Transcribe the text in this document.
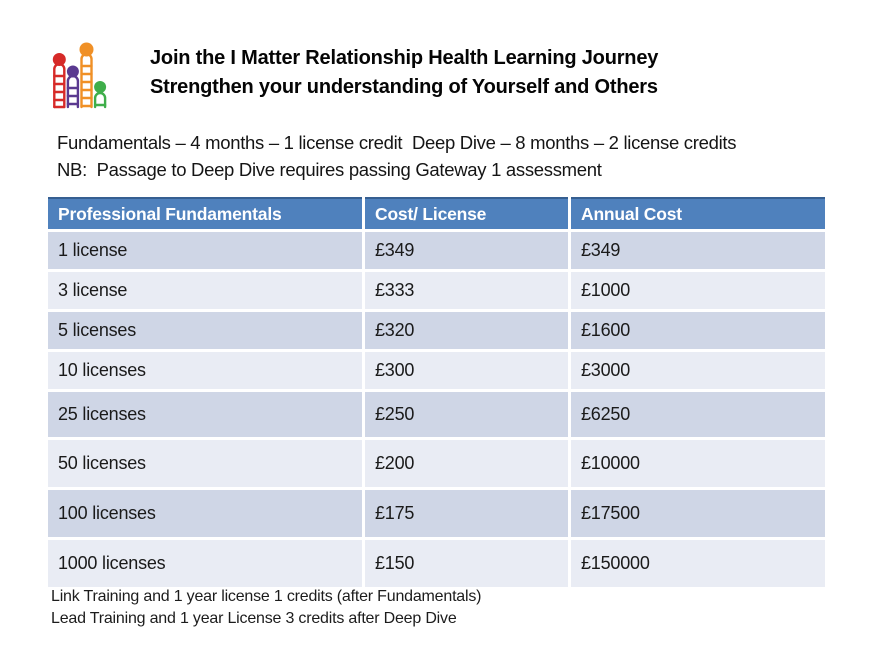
Join the I Matter Relationship Health Learning Journey
Strengthen your understanding of Yourself and Others
Fundamentals – 4 months – 1 license credit  Deep Dive – 8 months – 2 license credits
NB:  Passage to Deep Dive requires passing Gateway 1 assessment
Professional Fundamentals	Cost/ License	Annual Cost
1 license	£349	£349
3 license	£333	£1000
5 licenses	£320	£1600
10 licenses	£300	£3000
25 licenses	£250	£6250
50 licenses	£200	£10000
100 licenses	£175	£17500
1000 licenses	£150	£150000
Link Training and 1 year license 1 credits (after Fundamentals)
Lead Training and 1 year License 3 credits after Deep Dive
